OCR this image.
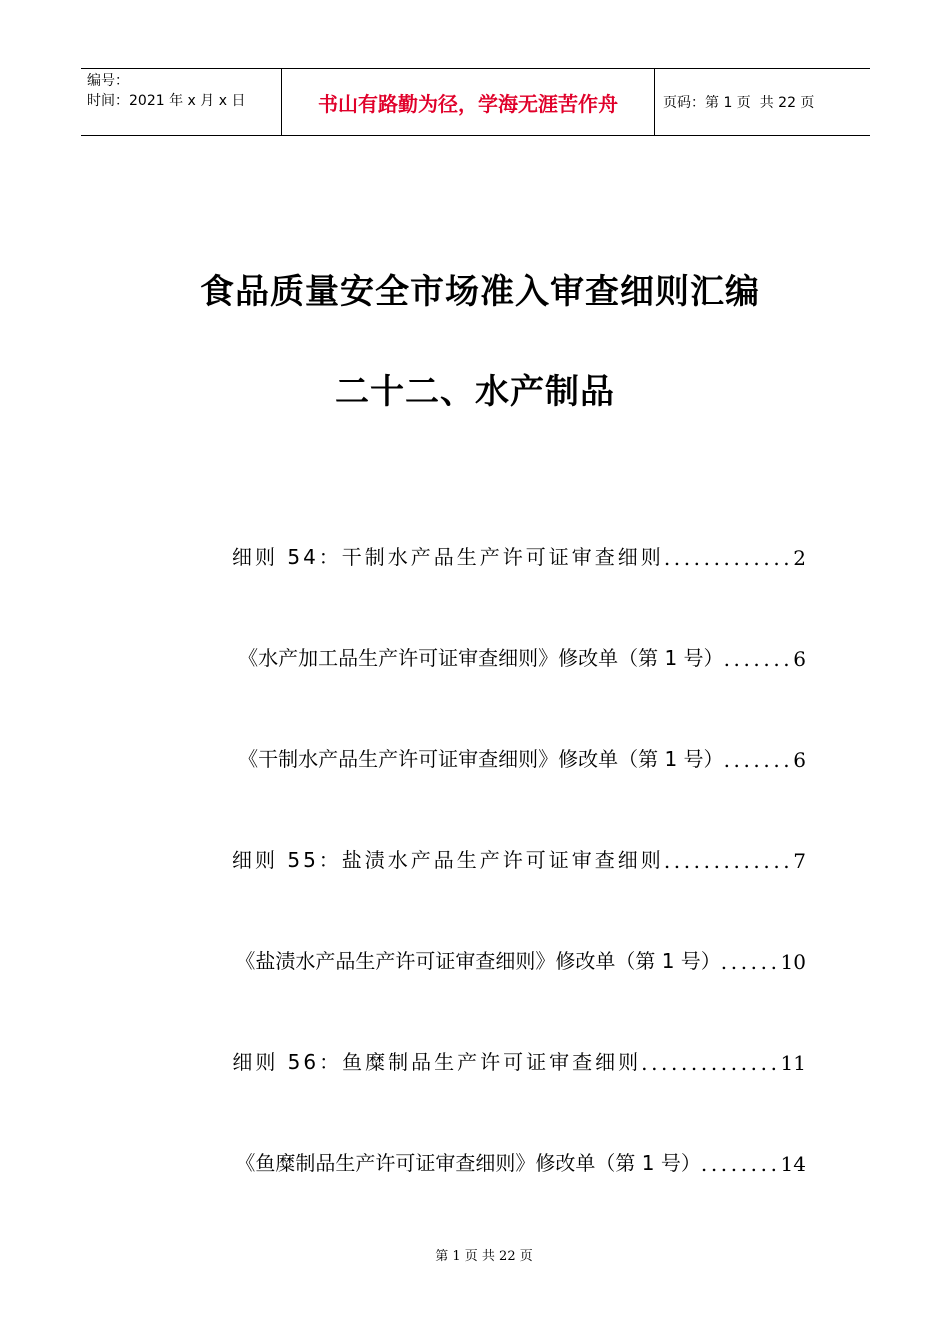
编号：
时间：2021 年 x 月 x 日	书山有路勤为径，学海无涯苦作舟	页码：第 1 页  共 22 页
食品质量安全市场准入审查细则汇编
二十二、水产制品
细则 54：干制水产品生产许可证审查细则 ............. 2
《水产加工品生产许可证审查细则》修改单（第 1 号） ....... 6
《干制水产品生产许可证审查细则》修改单（第 1 号） ....... 6
细则 55：盐渍水产品生产许可证审查细则 ............. 7
《盐渍水产品生产许可证审查细则》修改单（第 1 号） ...... 10
细则 56：鱼糜制品生产许可证审查细则 .............. 11
《鱼糜制品生产许可证审查细则》修改单（第 1 号） ........ 14
第 1 页 共 22 页
